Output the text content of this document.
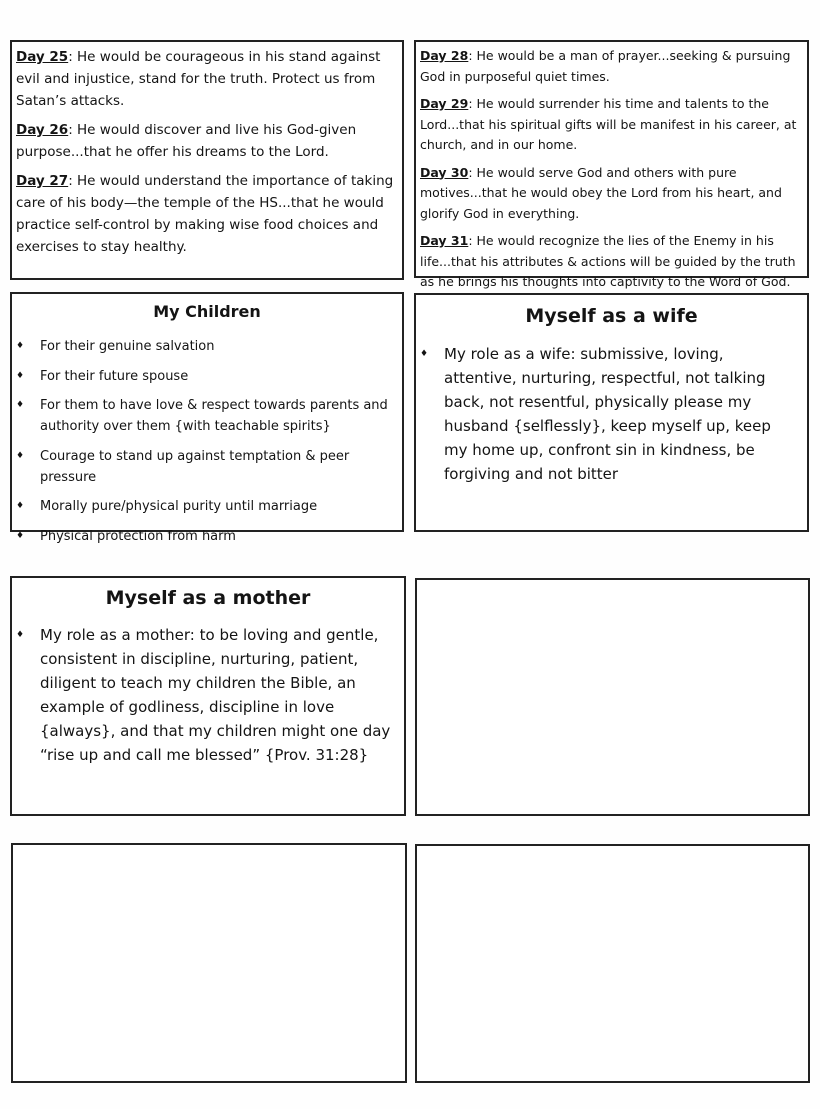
Day 25: He would be courageous in his stand against evil and injustice, stand for the truth. Protect us from Satan’s attacks.

Day 26: He would discover and live his God-given purpose...that he offer his dreams to the Lord.

Day 27: He would understand the importance of taking care of his body—the temple of the HS...that he would practice self-control by making wise food choices and exercises to stay healthy.

Day 28: He would be a man of prayer...seeking & pursuing God in purposeful quiet times.

Day 29: He would surrender his time and talents to the Lord...that his spiritual gifts will be manifest in his career, at church, and in our home.

Day 30: He would serve God and others with pure motives...that he would obey the Lord from his heart, and glorify God in everything.

Day 31: He would recognize the lies of the Enemy in his life...that his attributes & actions will be guided by the truth as he brings his thoughts into captivity to the Word of God.

My Children
♦ For their genuine salvation
♦ For their future spouse
♦ For them to have love & respect towards parents and authority over them {with teachable spirits}
♦ Courage to stand up against temptation & peer pressure
♦ Morally pure/physical purity until marriage
♦ Physical protection from harm
Myself as a wife
♦ My role as a wife: submissive, loving, attentive, nurturing, respectful, not talking back, not resentful, physically please my husband {selflessly}, keep myself up, keep my home up, confront sin in kindness, be forgiving and not bitter
Myself as a mother
♦ My role as a mother: to be loving and gentle, consistent in discipline, nurturing, patient, diligent to teach my children the Bible, an example of godliness, discipline in love {always}, and that my children might one day “rise up and call me blessed” {Prov. 31:28}
